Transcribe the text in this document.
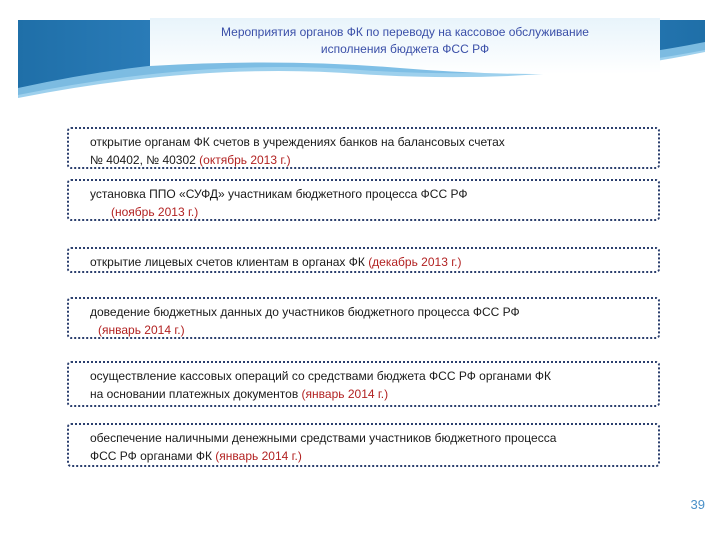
Мероприятия органов ФК по переводу на кассовое обслуживание
исполнения бюджета ФСС РФ
открытие органам ФК счетов в учреждениях банков на балансовых счетах
№ 40402, № 40302 (октябрь 2013 г.)
установка ППО «СУФД» участникам бюджетного процесса ФСС РФ
(ноябрь 2013 г.)
открытие лицевых счетов клиентам в органах ФК (декабрь 2013 г.)
доведение бюджетных данных до участников бюджетного процесса ФСС РФ
(январь 2014 г.)
осуществление кассовых операций со средствами бюджета ФСС РФ органами ФК
на основании платежных документов (январь 2014 г.)
обеспечение наличными денежными средствами участников бюджетного процесса
ФСС РФ органами ФК (январь 2014 г.)
39
